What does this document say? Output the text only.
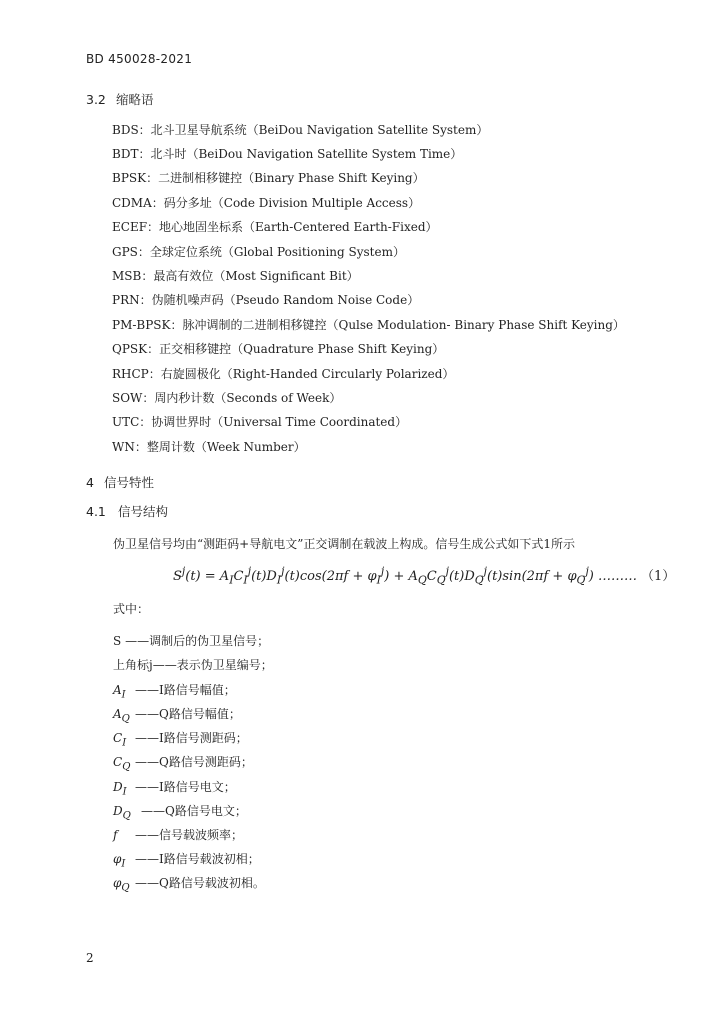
BD 450028-2021
3.2 缩略语
BDS：北斗卫星导航系统（BeiDou Navigation Satellite System）
BDT：北斗时（BeiDou Navigation Satellite System Time）
BPSK：二进制相移键控（Binary Phase Shift Keying）
CDMA：码分多址（Code Division Multiple Access）
ECEF：地心地固坐标系（Earth-Centered Earth-Fixed）
GPS：全球定位系统（Global Positioning System）
MSB：最高有效位（Most Significant Bit）
PRN：伪随机噪声码（Pseudo Random Noise Code）
PM-BPSK：脉冲调制的二进制相移键控（Qulse Modulation- Binary Phase Shift Keying）
QPSK：正交相移键控（Quadrature Phase Shift Keying）
RHCP：右旋圆极化（Right-Handed Circularly Polarized）
SOW：周内秒计数（Seconds of Week）
UTC：协调世界时（Universal Time Coordinated）
WN：整周计数（Week Number）
4 信号特性
4.1 信号结构
伪卫星信号均由“测距码+导航电文”正交调制在载波上构成。信号生成公式如下式1所示
$S^j(t) = A_IC_I^j(t)D_I^j(t)\cos(2\pi f + \varphi_I^j) + A_QC_Q^j(t)D_Q^j(t)\sin(2\pi f + \varphi_Q^j)$ ……… （1）
式中：
S ——调制后的伪卫星信号；
上角标j——表示伪卫星编号；
$A_I$ ——I路信号幅值；
$A_Q$ ——Q路信号幅值；
$C_I$ ——I路信号测距码；
$C_Q$ ——Q路信号测距码；
$D_I$ ——I路信号电文；
$D_Q$ ——Q路信号电文；
f ——信号载波频率；
$\varphi_I$ ——I路信号载波初相；
$\varphi_Q$ ——Q路信号载波初相。
2
